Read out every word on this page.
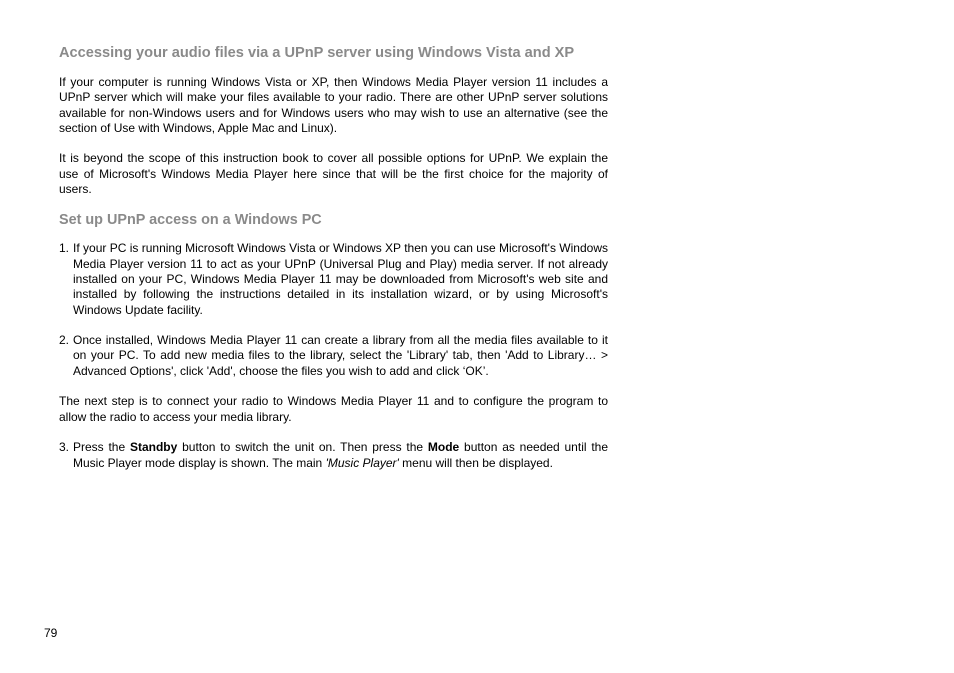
Accessing your audio files via a UPnP server using Windows Vista and XP

If your computer is running Windows Vista or XP, then Windows Media Player version 11 includes a UPnP server which will make your files available to your radio. There are other UPnP server solutions available for non-Windows users and for Windows users who may wish to use an alternative (see the section of Use with Windows, Apple Mac and Linux).

It is beyond the scope of this instruction book to cover all possible options for UPnP. We explain the use of Microsoft's Windows Media Player here since that will be the first choice for the majority of users.

Set up UPnP access on a Windows PC
1. If your PC is running Microsoft Windows Vista or Windows XP then you can use Microsoft's Windows Media Player version 11 to act as your UPnP (Universal Plug and Play) media server. If not already installed on your PC, Windows Media Player 11 may be downloaded from Microsoft's web site and installed by following the instructions detailed in its installation wizard, or by using Microsoft's Windows Update facility.
2. Once installed, Windows Media Player 11 can create a library from all the media files available to it on your PC. To add new media files to the library, select the 'Library' tab, then 'Add to Library… > Advanced Options', click 'Add', choose the files you wish to add and click ‘OK’.

The next step is to connect your radio to Windows Media Player 11 and to configure the program to allow the radio to access your media library.

3. Press the Standby button to switch the unit on. Then press the Mode button as needed until the Music Player mode display is shown. The main 'Music Player' menu will then be displayed.
79
